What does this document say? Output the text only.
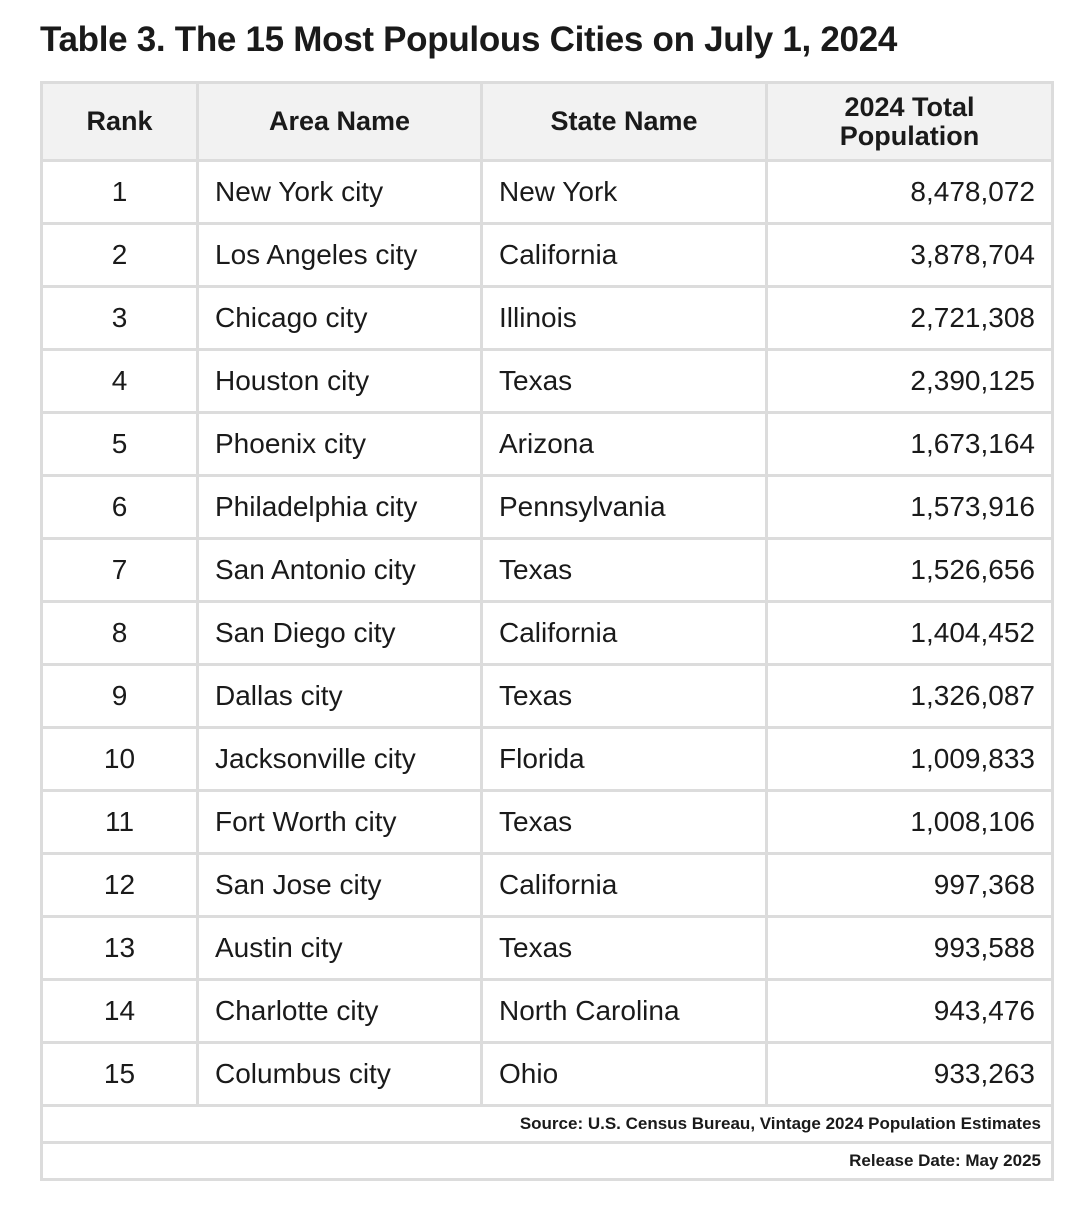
Table 3. The 15 Most Populous Cities on July 1, 2024
Rank	Area Name	State Name	2024 Total
Population
1	New York city	New York	8,478,072
2	Los Angeles city	California	3,878,704
3	Chicago city	Illinois	2,721,308
4	Houston city	Texas	2,390,125
5	Phoenix city	Arizona	1,673,164
6	Philadelphia city	Pennsylvania	1,573,916
7	San Antonio city	Texas	1,526,656
8	San Diego city	California	1,404,452
9	Dallas city	Texas	1,326,087
10	Jacksonville city	Florida	1,009,833
11	Fort Worth city	Texas	1,008,106
12	San Jose city	California	997,368
13	Austin city	Texas	993,588
14	Charlotte city	North Carolina	943,476
15	Columbus city	Ohio	933,263
Source: U.S. Census Bureau, Vintage 2024 Population Estimates			
Release Date: May 2025			
